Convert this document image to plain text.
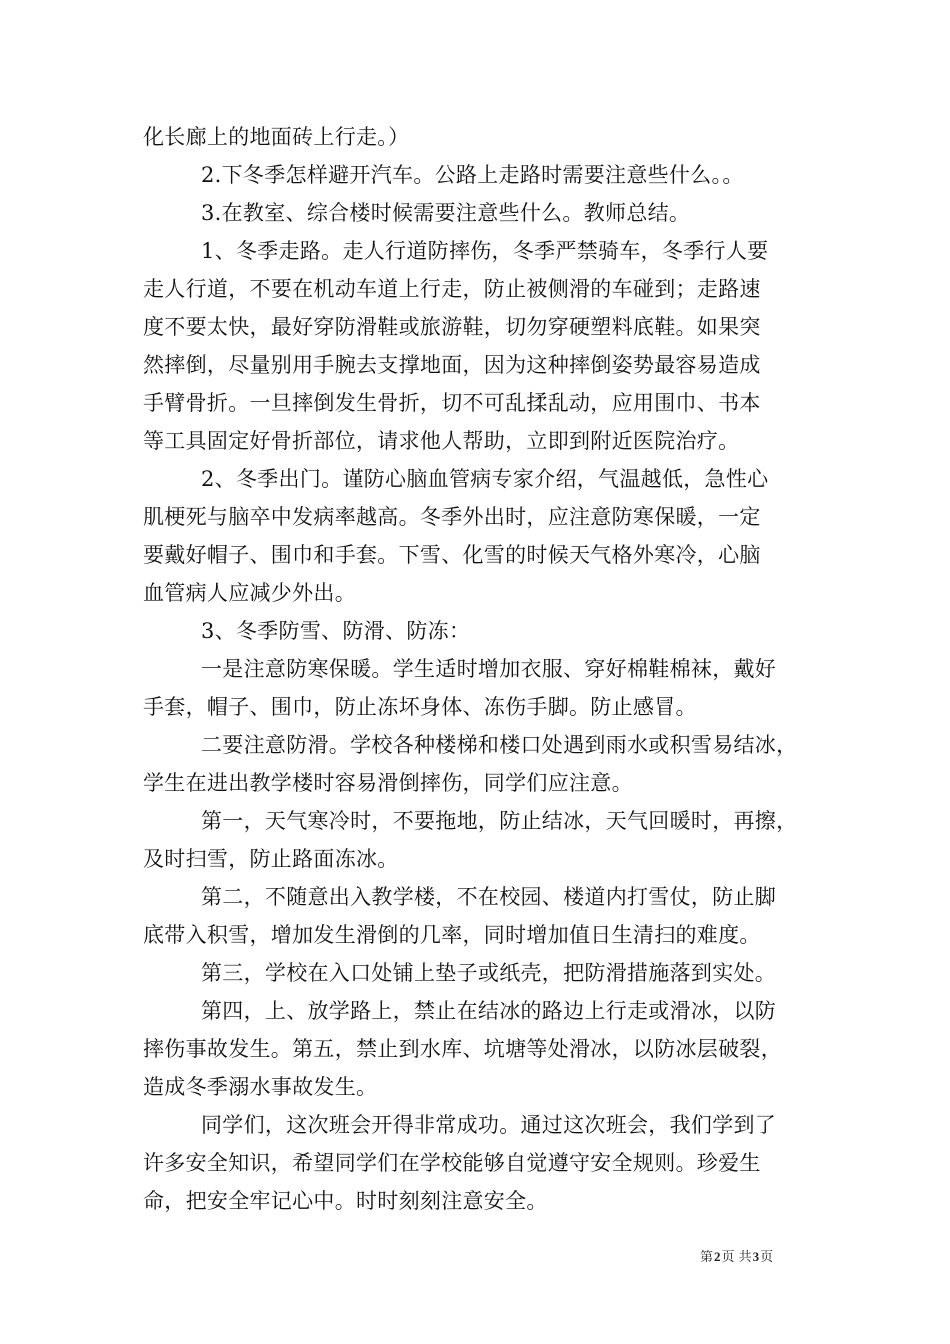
化长廊上的地面砖上行走。）
2.下冬季怎样避开汽车。公路上走路时需要注意些什么。。
3.在教室、综合楼时候需要注意些什么。教师总结。
1、冬季走路。走人行道防摔伤，冬季严禁骑车，冬季行人要
走人行道，不要在机动车道上行走，防止被侧滑的车碰到；走路速
度不要太快，最好穿防滑鞋或旅游鞋，切勿穿硬塑料底鞋。如果突
然摔倒，尽量别用手腕去支撑地面，因为这种摔倒姿势最容易造成
手臂骨折。一旦摔倒发生骨折，切不可乱揉乱动，应用围巾、书本
等工具固定好骨折部位，请求他人帮助，立即到附近医院治疗。
2、冬季出门。谨防心脑血管病专家介绍，气温越低，急性心
肌梗死与脑卒中发病率越高。冬季外出时，应注意防寒保暖，一定
要戴好帽子、围巾和手套。下雪、化雪的时候天气格外寒冷，心脑
血管病人应减少外出。
3、冬季防雪、防滑、防冻：
一是注意防寒保暖。学生适时增加衣服、穿好棉鞋棉袜，戴好
手套，帽子、围巾，防止冻坏身体、冻伤手脚。防止感冒。
二要注意防滑。学校各种楼梯和楼口处遇到雨水或积雪易结冰，
学生在进出教学楼时容易滑倒摔伤，同学们应注意。
第一，天气寒冷时，不要拖地，防止结冰，天气回暖时，再擦，
及时扫雪，防止路面冻冰。
第二，不随意出入教学楼，不在校园、楼道内打雪仗，防止脚
底带入积雪，增加发生滑倒的几率，同时增加值日生清扫的难度。
第三，学校在入口处铺上垫子或纸壳，把防滑措施落到实处。
第四，上、放学路上，禁止在结冰的路边上行走或滑冰，以防
摔伤事故发生。第五，禁止到水库、坑塘等处滑冰，以防冰层破裂，
造成冬季溺水事故发生。
同学们，这次班会开得非常成功。通过这次班会，我们学到了
许多安全知识，希望同学们在学校能够自觉遵守安全规则。珍爱生
命，把安全牢记心中。时时刻刻注意安全。
第2页 共3页
